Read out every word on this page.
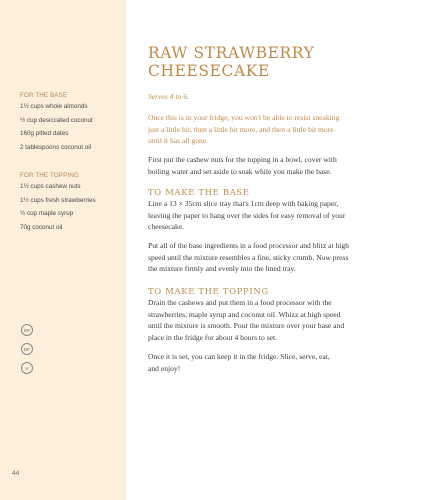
RAW STRAWBERRY
CHEESECAKE
Serves 4 to 6.

Once this is in your fridge, you won't be able to resist sneaking
just a little bit, then a little bit more, and then a little bit more
until it has all gone.

First put the cashew nuts for the topping in a bowl, cover with
boiling water and set aside to soak while you make the base.

TO MAKE THE BASE

Line a 13 × 35cm slice tray that's 1cm deep with baking paper,
leaving the paper to hang over the sides for easy removal of your
cheesecake.

Put all of the base ingredients in a food processor and blitz at high
speed until the mixture resembles a fine, sticky crumb. Now press
the mixture firmly and evenly into the lined tray.

TO MAKE THE TOPPING

Drain the cashews and put them in a food processor with the
strawberries, maple syrup and coconut oil. Whizz at high speed
until the mixture is smooth. Pour the mixture over your base and
place in the fridge for about 4 hours to set.

Once it is set, you can keep it in the fridge. Slice, serve, eat,
and enjoy!

FOR THE BASE
1½ cups whole almonds
½ cup desiccated coconut
160g pitted dates
2 tablespoons coconut oil
FOR THE TOPPING
1½ cups cashew nuts
1½ cups fresh strawberries
½ cup maple syrup
70g coconut oil
GF
DF
V
44
